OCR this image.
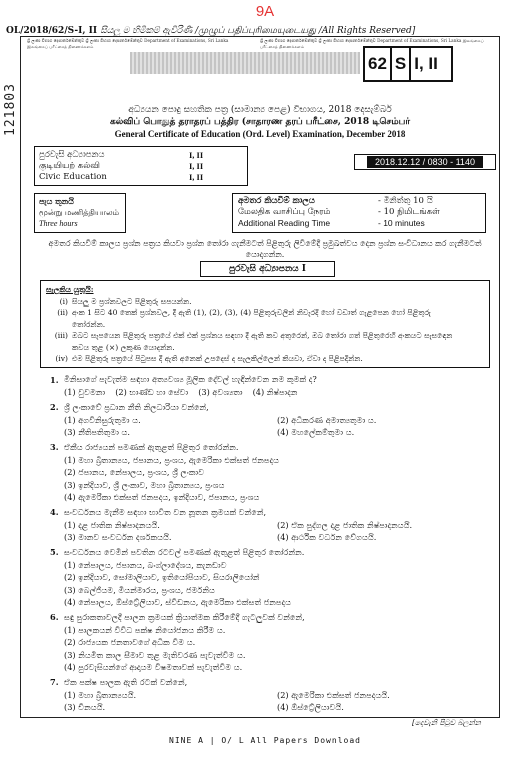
9A
OL/2018/62/S-I, II සියලු ම හිමිකම් ඇවිරිණි /முழுப் பதிப்புரிமையுடையது /All Rights Reserved]
121803
ශ්‍රී ලංකා විභාග දෙපාර්තමේන්තුව ශ්‍රී ලංකා විභාග දෙපාර්තමේන්තුව Department of Examinations, Sri Lanka இலங்கைப் பரீட்சைத் திணைக்களம்
ශ්‍රී ලංකා විභාග දෙපාර්තමේන්තුව ශ්‍රී ලංකා විභාග දෙපාර්තමේන්තුව Department of Examinations, Sri Lanka இலங்கைப் பரீட்சைத் திணைக்களம்
62 S I, II
අධ්‍යයන පොදු සහතික පත්‍ර (සාමාන්‍ය පෙළ) විභාගය, 2018 දෙසැම්බර්
கல்விப் பொதுத் தராதரப் பத்திர (சாதாரண தரப் பரீட்சை, 2018 டிசெம்பர்
General Certificate of Education (Ord. Level) Examination, December 2018
පුරවැසි අධ්‍යාපනය	I, II
குடியியற் கல்வி	I, II
Civic Education	I, II
2018.12.12 / 0830 - 1140
පැය තුනයි
மூன்று மணித்தியாலம்
Three hours
අමතර කියවීම් කාලය	- මිනිත්තු 10 යි
மேலதிக வாசிப்பு நேரம்	- 10 நிமிடங்கள்
Additional Reading Time	- 10 minutes
අමතර කියවීම් කාලය ප්‍රශ්න පත්‍රය කියවා ප්‍රශ්න තෝරා ගැනීමටත් පිළිතුරු ලිවීමේදී ප්‍රමුඛත්වය දෙන ප්‍රශ්න සංවිධානය කර ගැනීමටත් යොදාගන්න.
පුරවැසි අධ්‍යාපනය I
සැලකිය යුතුයි:
(i) සියලු ම ප්‍රශ්නවලට පිළිතුරු සපයන්න.
(ii) අංක 1 සිට 40 තෙක් ප්‍රශ්නවල, දී ඇති (1), (2), (3), (4) පිළිතුරුවලින් නිවැරදි හෝ වඩාත් ගැළපෙන හෝ පිළිතුරු
තෝරන්න.
(iii) ඔබට සැපයෙන පිළිතුරු පත්‍රයේ එක් එක් ප්‍රශ්නය සඳහා දී ඇති කව අතුරෙන්, ඔබ තෝරා ගත් පිළිතුරෙහි අංකයට සැසඳෙන
කවය තුළ (×) ලකුණ යොදන්න.
(iv) එම පිළිතුරු පත්‍රයේ පිටුපස දී ඇති අනෙක් උපදෙස් ද සැලකිල්ලෙන් කියවා, ඒවා ද පිළිපදින්න.
1. මිනිසාගේ පැවැත්ම සඳහා අත්‍යවශ්‍ය මූලික දේවල් හැඳින්වෙන නම කුමක් ද?
(1) වුවමනා (2) භාණ්ඩ හා සේවා (3) අවශ්‍යතා (4) නිෂ්පාදන
2. ශ්‍රී ලංකාවේ ප්‍රධාන නීති නිලධාරියා වන්නේ,
(1) අගවිනිසුරුතුමා ය.	(2) අධිකරණ අමාත්‍යතුමා ය.
(3) නීතිපතිතුමා ය.	(4) මහලේකම්තුමා ය.
3. ඒකීය රාජ්‍යයන් පමණක් ඇතුළත් පිළිතුර තෝරන්න.
(1) මහා බ්‍රිතාන්‍යය, ජපානය, ප්‍රංශය, ඇමෙරිකා එක්සත් ජනපදය
(2) ජපානය, නේපාලය, ප්‍රංශය, ශ්‍රී ලංකාව
(3) ඉන්දියාව, ශ්‍රී ලංකාව, මහා බ්‍රිතාන්‍යය, ප්‍රංශය
(4) ඇමෙරිකා එක්සත් ජනපදය, ඉන්දියාව, ජපානය, ප්‍රංශය
4. සංවර්ධනය මැනීම සඳහා භාවිත වන නූතන ක්‍රමයක් වන්නේ,
(1) දළ ජාතික නිෂ්පාදනයයි.	(2) ඒක පුද්ගල දළ ජාතික නිෂ්පාදනයයි.
(3) මානව සංවර්ධන දර්ශකයයි.	(4) ආර්ථික වර්ධන වේගයයි.
5. සංවර්ධනය වෙමින් පවතින රටවල් පමණක් ඇතුළත් පිළිතුර තෝරන්න.
(1) නේපාලය, ජපානය, බංග්ලාදේශය, කැනඩාව
(2) ඉන්දියාව, සෝමාලියාව, ඉතියෝපියාව, සියරාලියෝන්
(3) බෙල්ජියම, මියන්මාරය, ප්‍රංශය, ජර්මනිය
(4) නේපාලය, ඕස්ට්‍රේලියාව, ස්වීඩනය, ඇමෙරිකා එක්සත් ජනපදය
6. සඳු පුරාකතාවලදී පාලන ක්‍රමයක් ක්‍රියාත්මක කිරීමේදී ගැටලුවක් වන්නේ,
(1) පාලකයන් විවිධ පක්ෂ නියෝජනය කිරීම ය.
(2) රාජ්‍යයක ජනතාවගේ අධික වීම ය.
(3) නියමිත කාල සීමාව තුළ මැතිවරණ පැවැත්වීම ය.
(4) පුරවැසියන්ගේ ආදායම විෂමතාවක් පැවැත්වීම ය.
7. ඒක පක්ෂ පාලක ඇති රටක් වන්නේ,
(1) මහා බ්‍රිතාන්‍යයයි.	(2) ඇමෙරිකා එක්සත් ජනපදයයි.
(3) චීනයයි.	(4) ඕස්ට්‍රේලියාවයි.
[දෙවැනි පිටුව බලන්න
NINE A | O/ L All Papers Download
